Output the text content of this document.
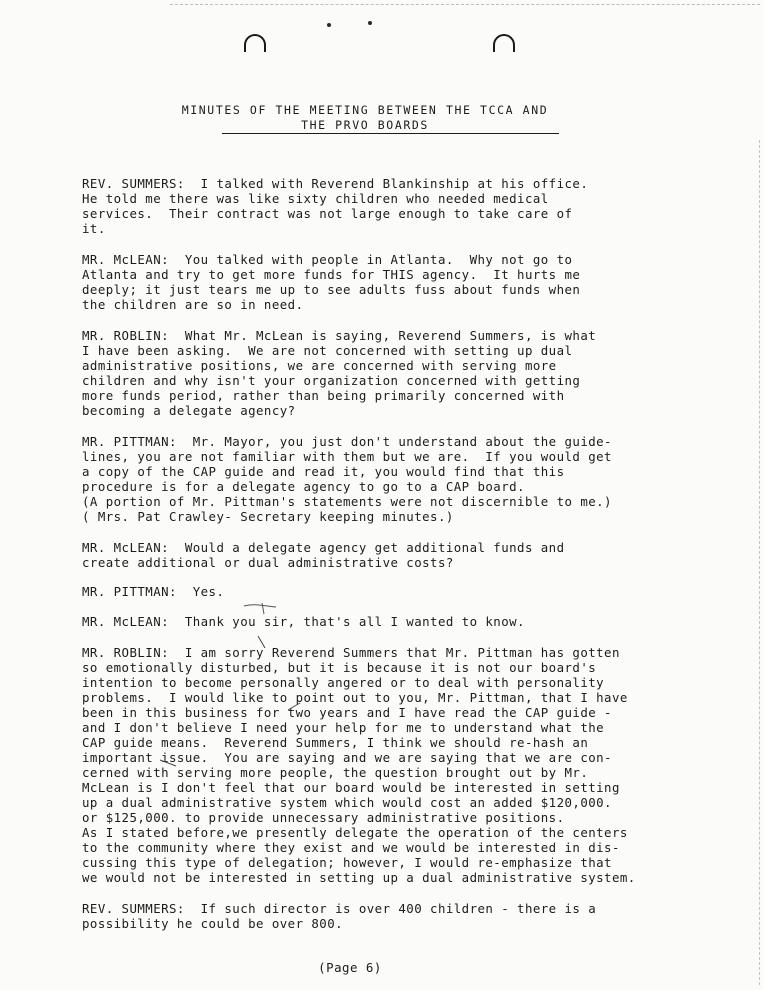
MINUTES OF THE MEETING BETWEEN THE TCCA AND
THE PRVO BOARDS
REV. SUMMERS:  I talked with Reverend Blankinship at his office.
He told me there was like sixty children who needed medical
services.  Their contract was not large enough to take care of
it.
MR. McLEAN:  You talked with people in Atlanta.  Why not go to
Atlanta and try to get more funds for THIS agency.  It hurts me
deeply; it just tears me up to see adults fuss about funds when
the children are so in need.
MR. ROBLIN:  What Mr. McLean is saying, Reverend Summers, is what
I have been asking.  We are not concerned with setting up dual
administrative positions, we are concerned with serving more
children and why isn't your organization concerned with getting
more funds period, rather than being primarily concerned with
becoming a delegate agency?
MR. PITTMAN:  Mr. Mayor, you just don't understand about the guide-
lines, you are not familiar with them but we are.  If you would get
a copy of the CAP guide and read it, you would find that this
procedure is for a delegate agency to go to a CAP board.
(A portion of Mr. Pittman's statements were not discernible to me.)
( Mrs. Pat Crawley- Secretary keeping minutes.)
MR. McLEAN:  Would a delegate agency get additional funds and
create additional or dual administrative costs?
MR. PITTMAN:  Yes.
MR. McLEAN:  Thank you sir, that's all I wanted to know.
MR. ROBLIN:  I am sorry Reverend Summers that Mr. Pittman has gotten
so emotionally disturbed, but it is because it is not our board's
intention to become personally angered or to deal with personality
problems.  I would like to point out to you, Mr. Pittman, that I have
been in this business for two years and I have read the CAP guide -
and I don't believe I need your help for me to understand what the
CAP guide means.  Reverend Summers, I think we should re-hash an
important issue.  You are saying and we are saying that we are con-
cerned with serving more people, the question brought out by Mr.
McLean is I don't feel that our board would be interested in setting
up a dual administrative system which would cost an added $120,000.
or $125,000. to provide unnecessary administrative positions.
As I stated before,we presently delegate the operation of the centers
to the community where they exist and we would be interested in dis-
cussing this type of delegation; however, I would re-emphasize that
we would not be interested in setting up a dual administrative system.
REV. SUMMERS:  If such director is over 400 children - there is a
possibility he could be over 800.
(Page 6)
